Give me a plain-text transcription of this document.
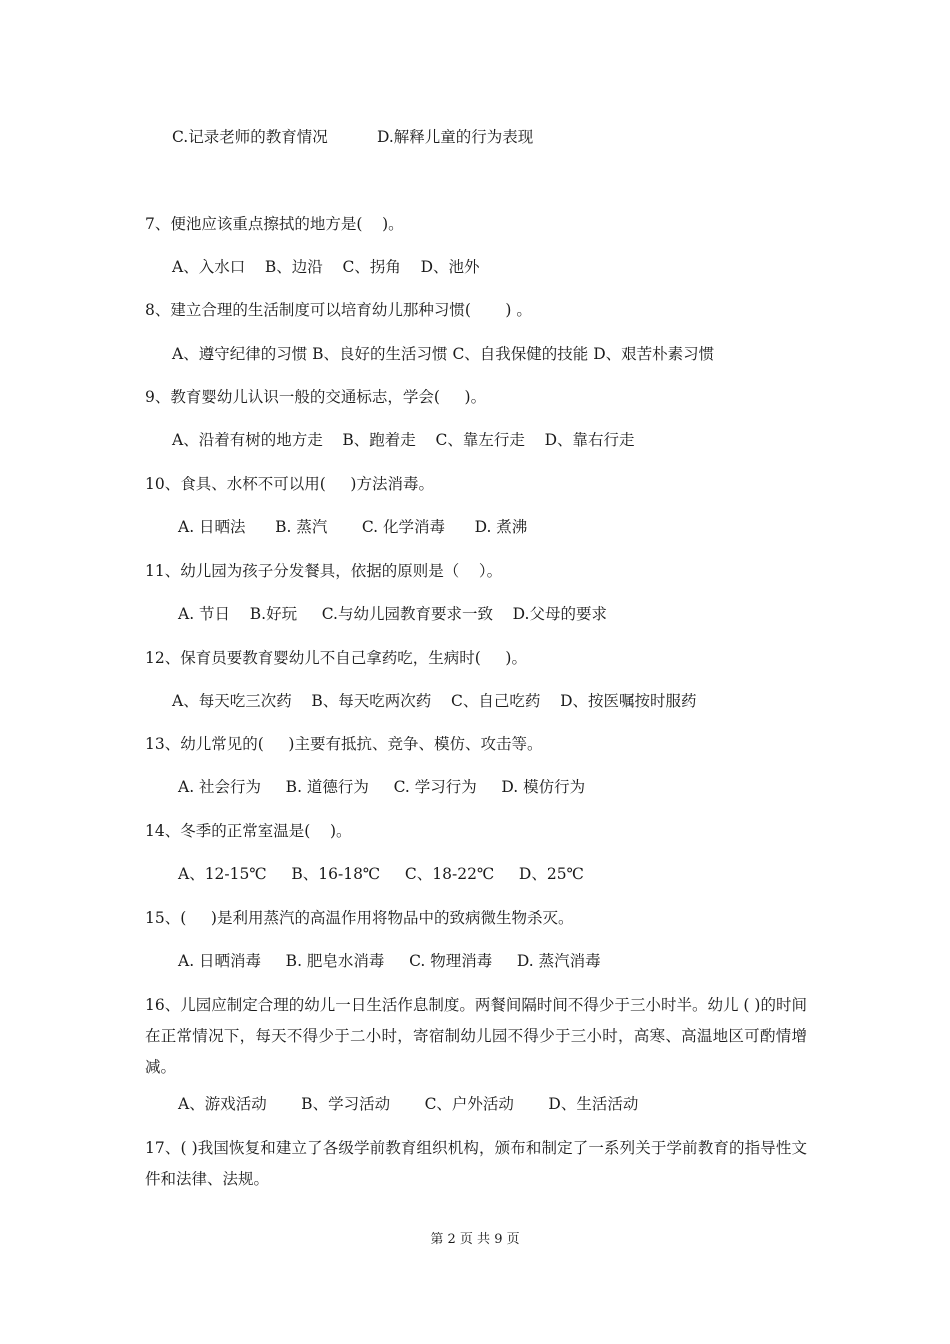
C.记录老师的教育情况          D.解释儿童的行为表现
7、便池应该重点擦拭的地方是(    )。
A、入水口    B、边沿    C、拐角    D、池外
8、建立合理的生活制度可以培育幼儿那种习惯(       ) 。
A、遵守纪律的习惯 B、良好的生活习惯 C、自我保健的技能 D、艰苦朴素习惯
9、教育婴幼儿认识一般的交通标志，学会(     )。
A、沿着有树的地方走    B、跑着走    C、靠左行走    D、靠右行走
10、食具、水杯不可以用(     )方法消毒。
A. 日晒法      B. 蒸汽       C. 化学消毒      D. 煮沸
11、幼儿园为孩子分发餐具，依据的原则是（    ）。
A. 节日    B.好玩     C.与幼儿园教育要求一致    D.父母的要求
12、保育员要教育婴幼儿不自己拿药吃，生病时(     )。
A、每天吃三次药    B、每天吃两次药    C、自己吃药    D、按医嘱按时服药
13、幼儿常见的(     )主要有抵抗、竞争、模仿、攻击等。
A. 社会行为     B. 道德行为     C. 学习行为     D. 模仿行为
14、冬季的正常室温是(    )。
A、12-15℃     B、16-18℃     C、18-22℃     D、25℃
15、(     )是利用蒸汽的高温作用将物品中的致病微生物杀灭。
A. 日晒消毒     B. 肥皂水消毒     C. 物理消毒     D. 蒸汽消毒
16、儿园应制定合理的幼儿一日生活作息制度。两餐间隔时间不得少于三小时半。幼儿 ( )的时间在正常情况下，每天不得少于二小时，寄宿制幼儿园不得少于三小时，高寒、高温地区可酌情增减。
A、游戏活动       B、学习活动       C、户外活动       D、生活活动
17、( )我国恢复和建立了各级学前教育组织机构，颁布和制定了一系列关于学前教育的指导性文件和法律、法规。
第 2 页 共 9 页
